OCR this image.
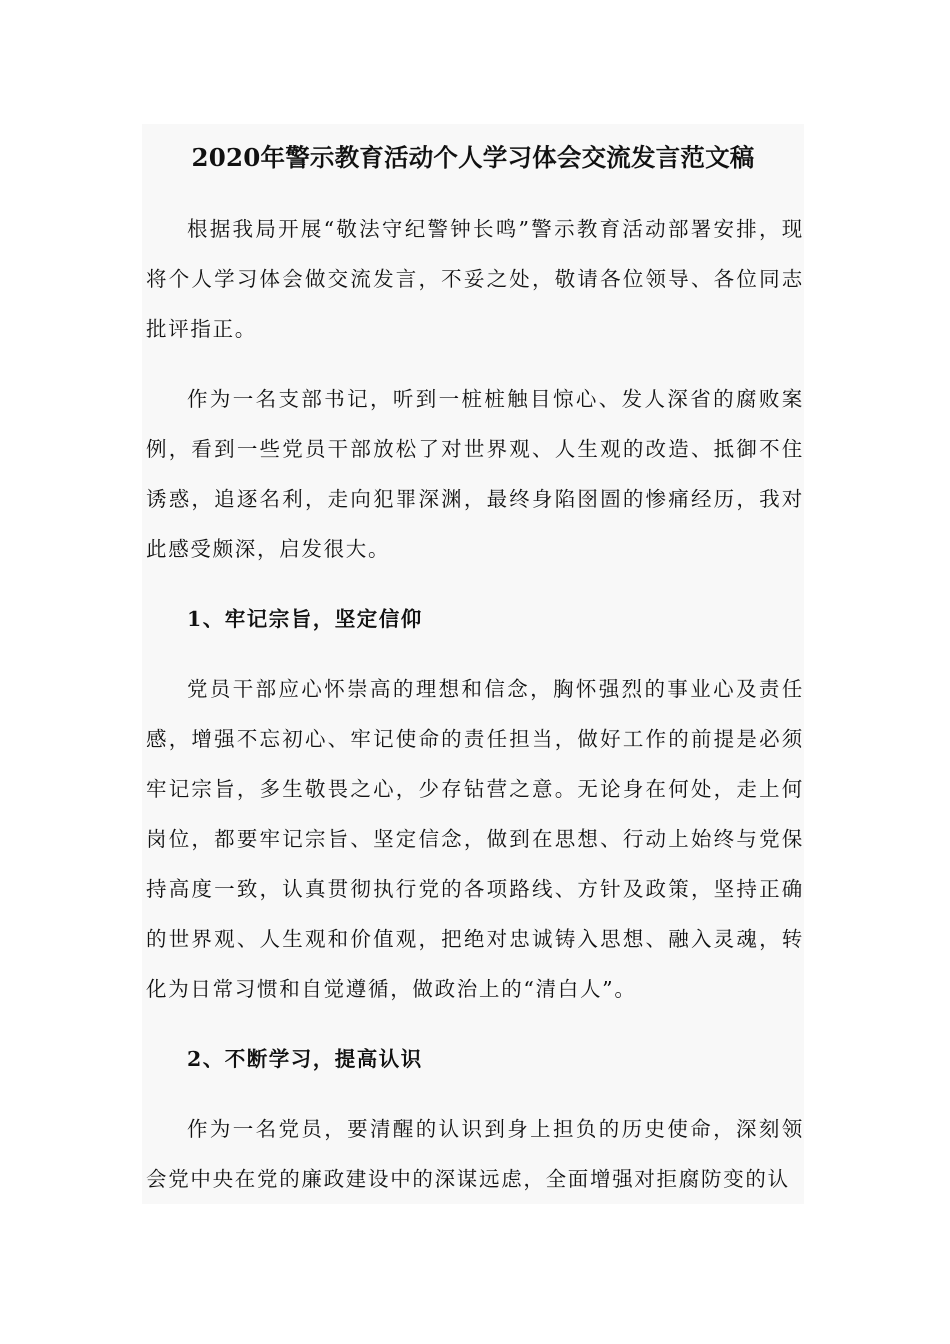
2020年警示教育活动个人学习体会交流发言范文稿

根据我局开展“敬法守纪警钟长鸣”警示教育活动部署安排，现将个人学习体会做交流发言，不妥之处，敬请各位领导、各位同志批评指正。

作为一名支部书记，听到一桩桩触目惊心、发人深省的腐败案例，看到一些党员干部放松了对世界观、人生观的改造、抵御不住诱惑，追逐名利，走向犯罪深渊，最终身陷囹圄的惨痛经历，我对此感受颇深，启发很大。

1、牢记宗旨，坚定信仰

党员干部应心怀崇高的理想和信念，胸怀强烈的事业心及责任感，增强不忘初心、牢记使命的责任担当，做好工作的前提是必须牢记宗旨，多生敬畏之心，少存钻营之意。无论身在何处，走上何岗位，都要牢记宗旨、坚定信念，做到在思想、行动上始终与党保持高度一致，认真贯彻执行党的各项路线、方针及政策，坚持正确的世界观、人生观和价值观，把绝对忠诚铸入思想、融入灵魂，转化为日常习惯和自觉遵循，做政治上的“清白人”。

2、不断学习，提高认识

作为一名党员，要清醒的认识到身上担负的历史使命，深刻领会党中央在党的廉政建设中的深谋远虑，全面增强对拒腐防变的认
